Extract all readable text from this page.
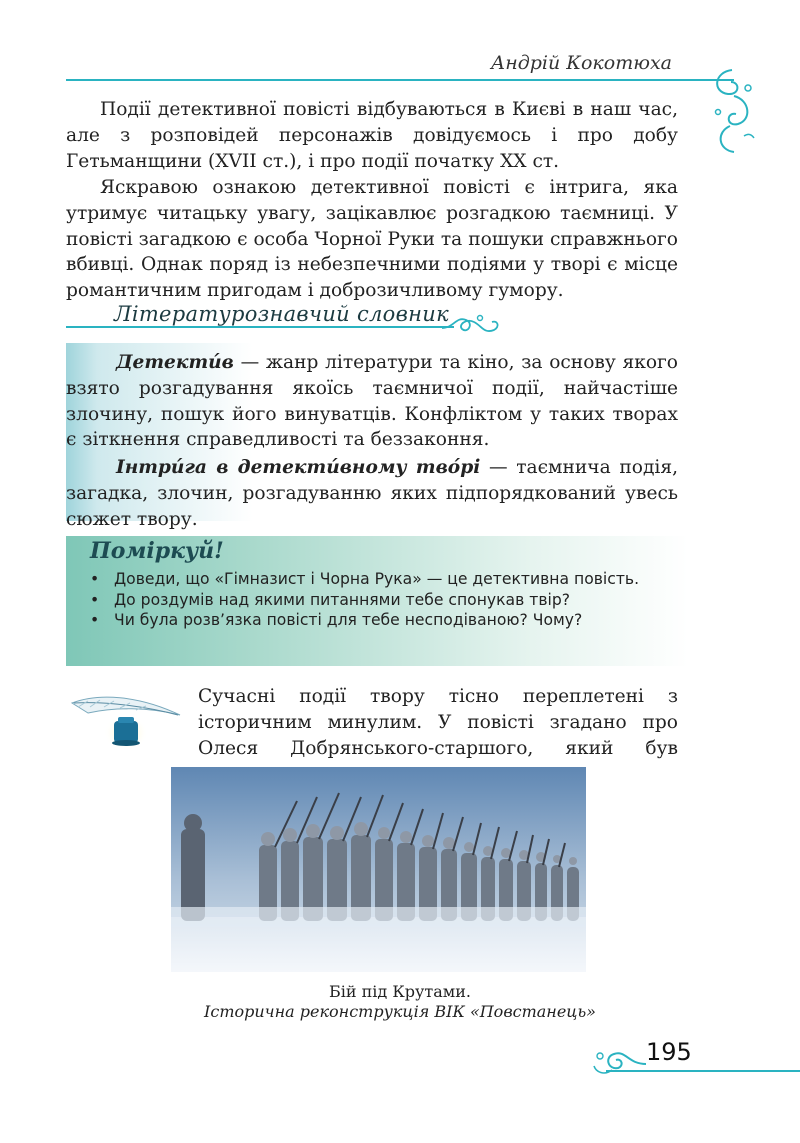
Андрій Кокотюха

Події детективної повісті відбуваються в Києві в наш час, але з розповідей персонажів довідуємось і про добу Гетьманщини (XVII ст.), і про події початку XX ст.

Яскравою ознакою детективної повісті є інтрига, яка утримує читацьку увагу, зацікавлює розгадкою таємниці. У повісті загадкою є особа Чорної Руки та пошуки справжнього вбивці. Однак поряд із небезпечними подіями у творі є місце романтичним пригодам і доброзичливому гумору.

Літературознавчий словник

Детекти́в — жанр літератури та кіно, за основу якого взято розгадування якоїсь таємничої події, найчастіше злочину, пошук його винуватців. Конфліктом у таких творах є зіткнення справедливості та беззаконня.

Інтри́га в детекти́вному тво́рі — таємнича подія, загадка, злочин, розгадуванню яких підпорядкований увесь сюжет твору.

Поміркуй!
• Доведи, що «Гімназист і Чорна Рука» — це детективна повість.
• До роздумів над якими питаннями тебе спонукав твір?
• Чи була розв’язка повісті для тебе несподіваною? Чому?

Сучасні події твору тісно переплетені з історичним минулим. У повісті згадано про Олеся Добрянського-старшого, який був

Бій під Крутами.
Історична реконструкція ВІК «Повстанець»
195
